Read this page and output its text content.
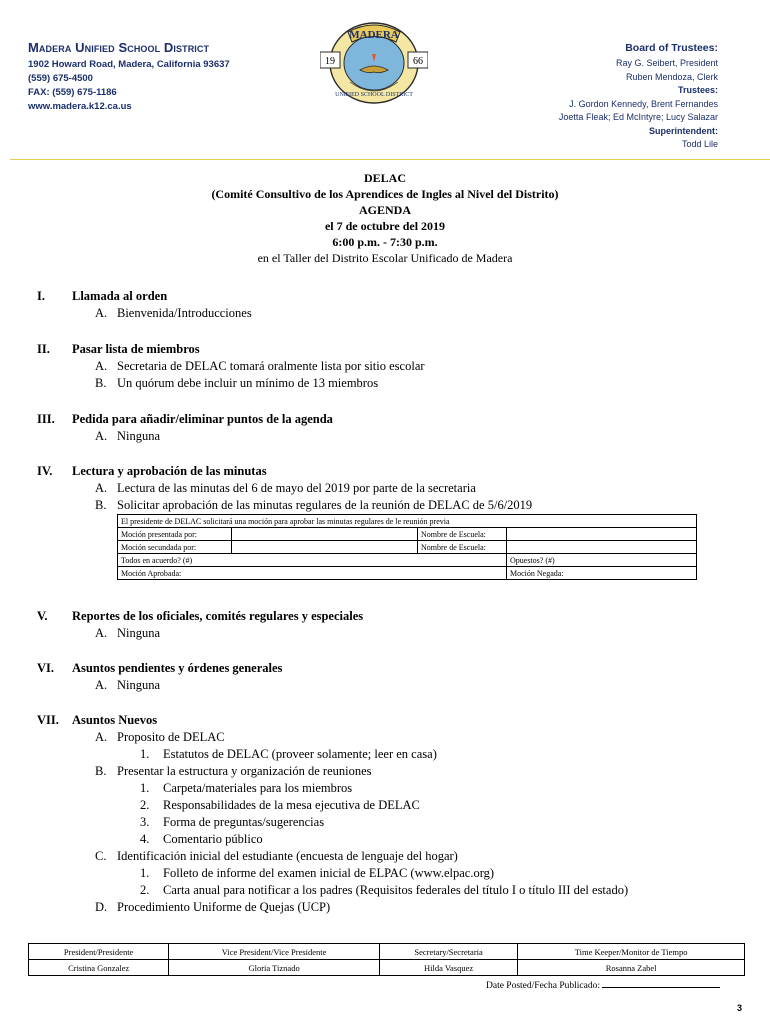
Madera Unified School District
1902 Howard Road, Madera, California 93637
(559) 675-4500
FAX: (559) 675-1186
www.madera.k12.ca.us
MADERA
19	66
UNIFIED SCHOOL DISTRICT
Board of Trustees:
Ray G. Seibert, President
Ruben Mendoza, Clerk
Trustees:
J. Gordon Kennedy, Brent Fernandes
Joetta Fleak; Ed McIntyre; Lucy Salazar
Superintendent:
Todd Lile
DELAC
(Comité Consultivo de los Aprendices de Ingles al Nivel del Distrito)
AGENDA
el 7 de octubre del 2019
6:00 p.m. - 7:30 p.m.
en el Taller del Distrito Escolar Unificado de Madera
I. Llamada al orden
A. Bienvenida/Introducciones
II. Pasar lista de miembros
A. Secretaria de DELAC tomará oralmente lista por sitio escolar
B. Un quórum debe incluir un mínimo de 13 miembros
III. Pedida para añadir/eliminar puntos de la agenda
A. Ninguna
IV. Lectura y aprobación de las minutas
A. Lectura de las minutas del 6 de mayo del 2019 por parte de la secretaria
B. Solicitar aprobación de las minutas regulares de la reunión de DELAC de 5/6/2019
El presidente de DELAC solicitará una moción para aprobar las minutas regulares de le reunión previa			
Moción presentada por:		Nombre de Escuela:	
Moción secundada por:		Nombre de Escuela:	
Todos en acuerdo? (#)			Opuestos? (#)
Moción Aprobada:			Moción Negada:
V. Reportes de los oficiales, comités regulares y especiales
A. Ninguna
VI. Asuntos pendientes y órdenes generales
A. Ninguna
VII. Asuntos Nuevos
A. Proposito de DELAC
1. Estatutos de DELAC (proveer solamente; leer en casa)
B. Presentar la estructura y organización de reuniones
1. Carpeta/materiales para los miembros
2. Responsabilidades de la mesa ejecutiva de DELAC
3. Forma de preguntas/sugerencias
4. Comentario público
C. Identificación inicial del estudiante (encuesta de lenguaje del hogar)
1. Folleto de informe del examen inicial de ELPAC (www.elpac.org)
2. Carta anual para notificar a los padres (Requisitos federales del título I o título III del estado)
D. Procedimiento Uniforme de Quejas (UCP)
President/Presidente	Vice President/Vice Presidente	Secretary/Secretaria	Time Keeper/Monitor de Tiempo
Cristina Gonzalez	Gloria Tiznado	Hilda Vasquez	Rosanna Zabel
Date Posted/Fecha Publicado:
3
